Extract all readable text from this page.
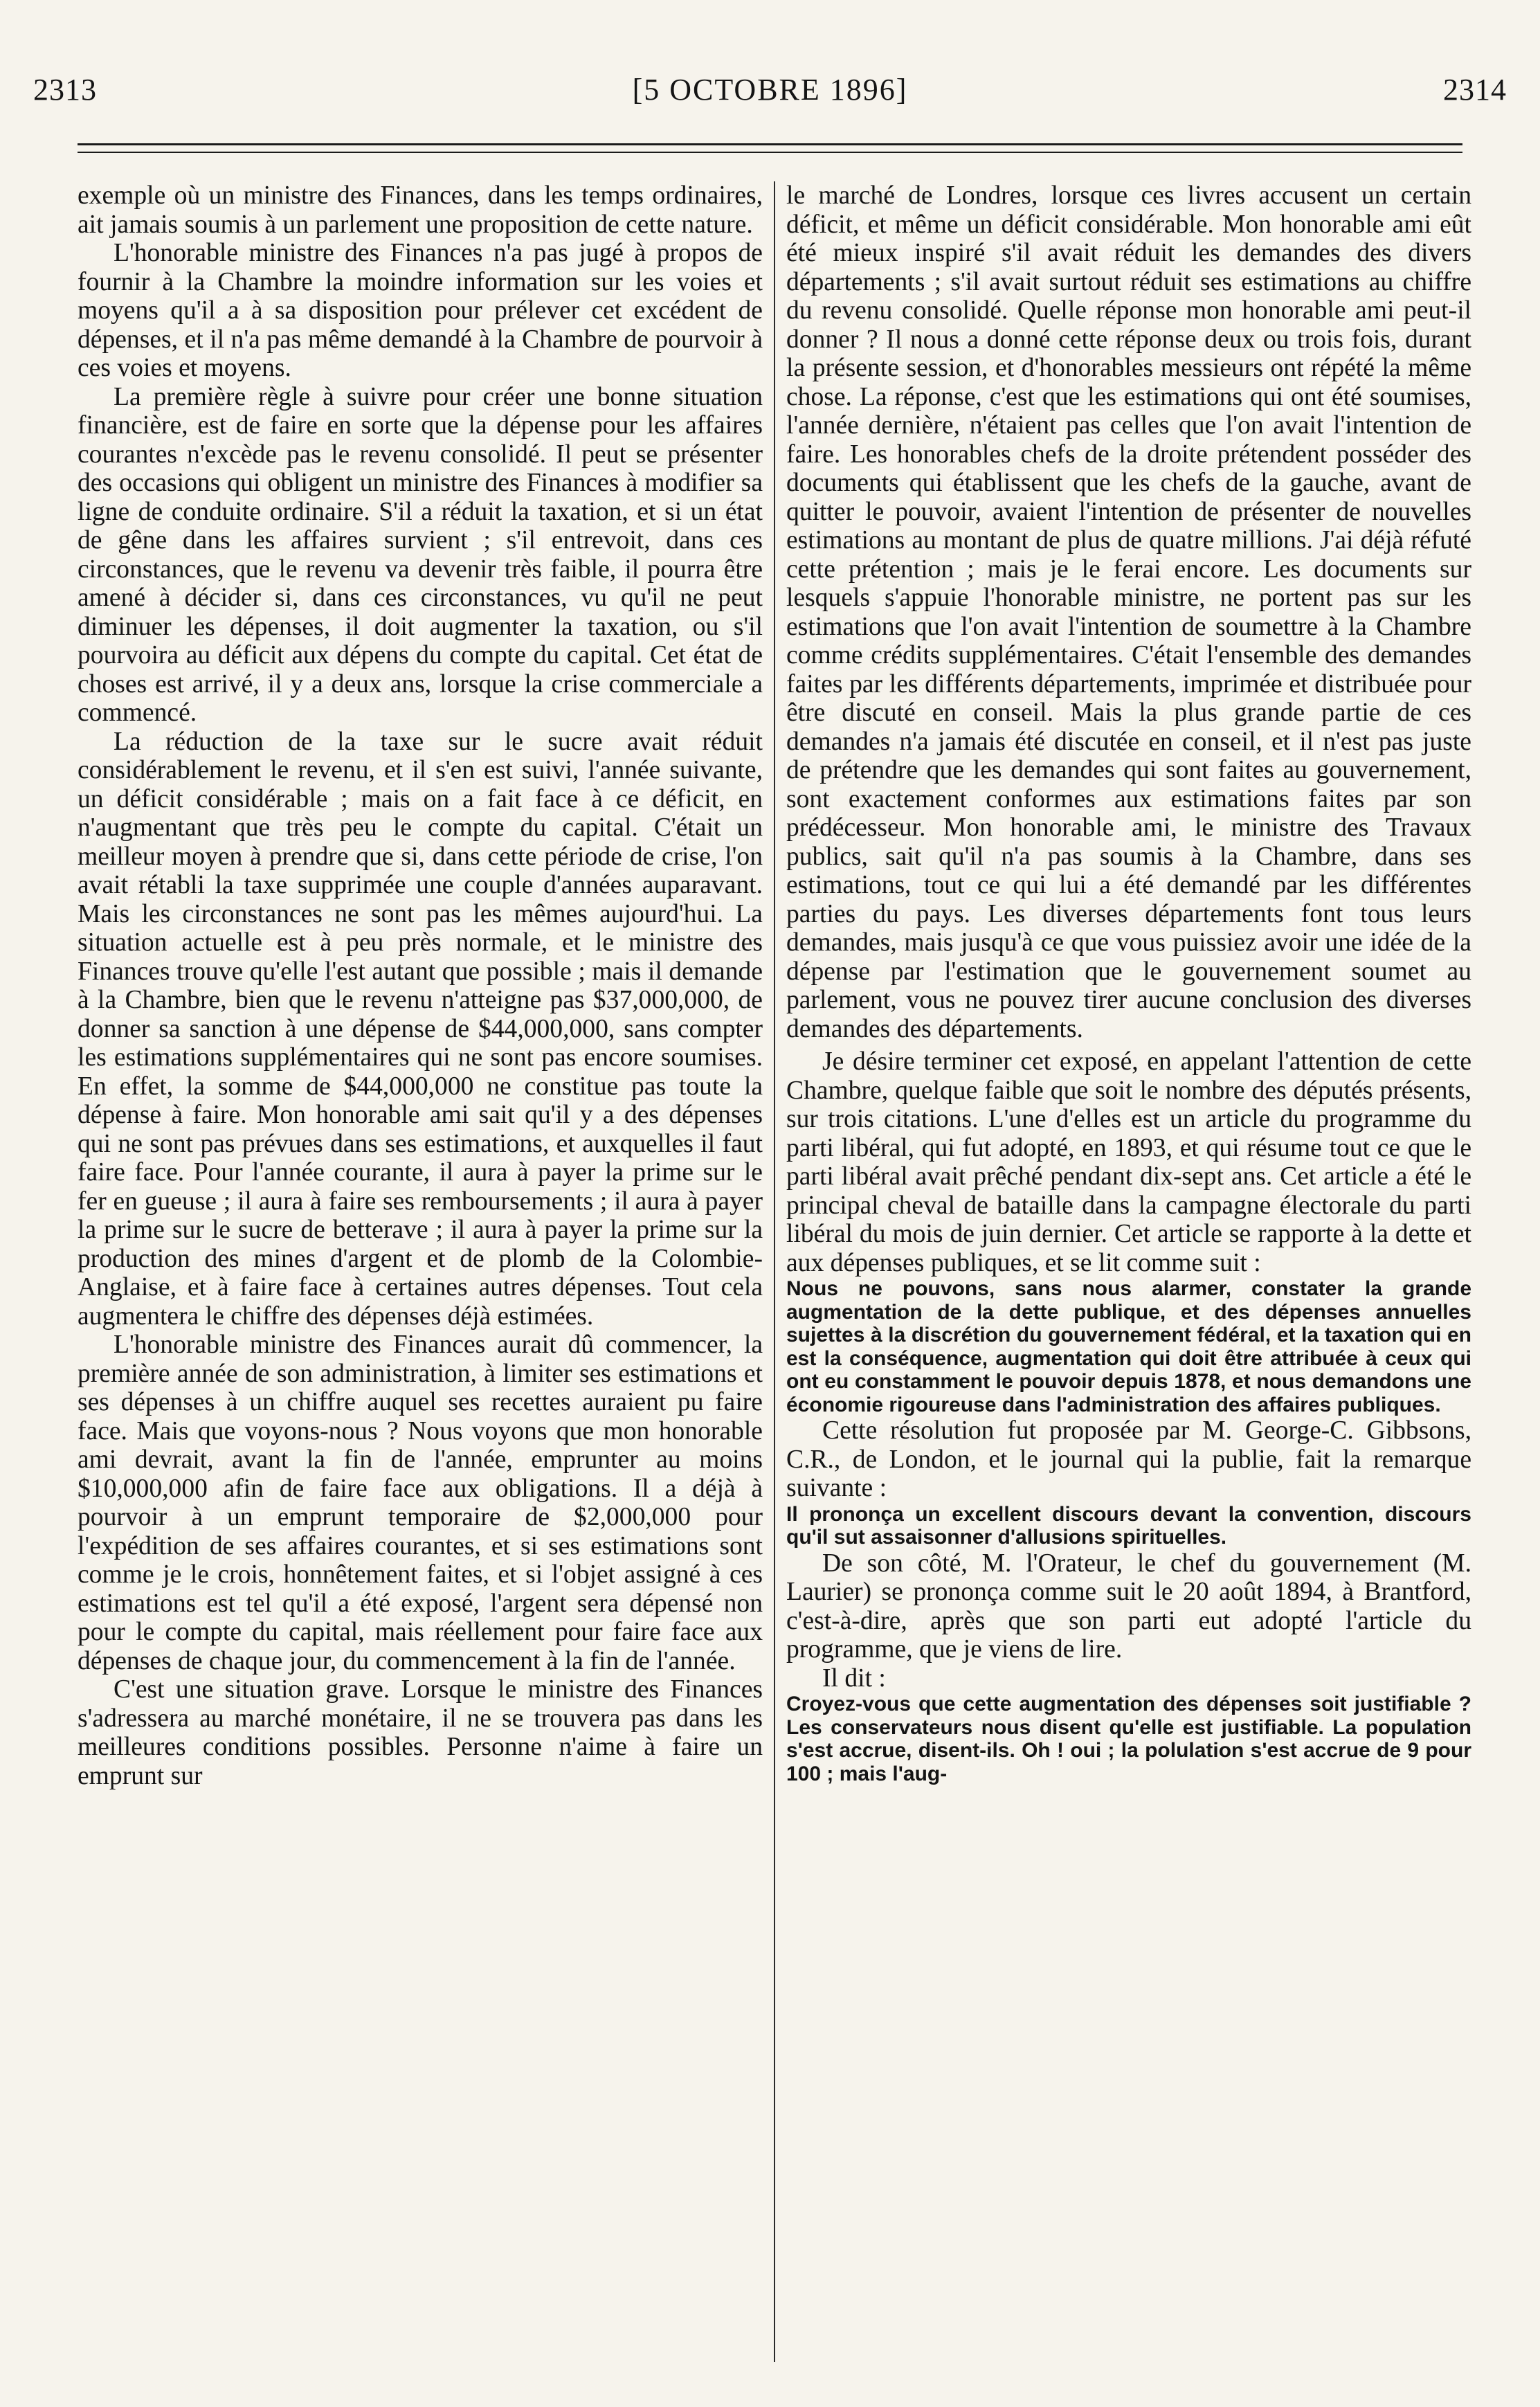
2313	[5 OCTOBRE 1896]	2314

exemple où un ministre des Finances, dans les temps ordinaires, ait jamais soumis à un parlement une proposition de cette nature.

L'honorable ministre des Finances n'a pas jugé à propos de fournir à la Chambre la moindre information sur les voies et moyens qu'il a à sa disposition pour prélever cet excédent de dépenses, et il n'a pas même demandé à la Chambre de pourvoir à ces voies et moyens.

La première règle à suivre pour créer une bonne situation financière, est de faire en sorte que la dépense pour les affaires courantes n'excède pas le revenu consolidé. Il peut se présenter des occasions qui obligent un ministre des Finances à modifier sa ligne de conduite ordinaire. S'il a réduit la taxation, et si un état de gêne dans les affaires survient ; s'il entrevoit, dans ces circonstances, que le revenu va devenir très faible, il pourra être amené à décider si, dans ces circonstances, vu qu'il ne peut diminuer les dépenses, il doit augmenter la taxation, ou s'il pourvoira au déficit aux dépens du compte du capital. Cet état de choses est arrivé, il y a deux ans, lorsque la crise commerciale a commencé.

La réduction de la taxe sur le sucre avait réduit considérablement le revenu, et il s'en est suivi, l'année suivante, un déficit considérable ; mais on a fait face à ce déficit, en n'augmentant que très peu le compte du capital. C'était un meilleur moyen à prendre que si, dans cette période de crise, l'on avait rétabli la taxe supprimée une couple d'années auparavant. Mais les circonstances ne sont pas les mêmes aujourd'hui. La situation actuelle est à peu près normale, et le ministre des Finances trouve qu'elle l'est autant que possible ; mais il demande à la Chambre, bien que le revenu n'atteigne pas $37,000,000, de donner sa sanction à une dépense de $44,000,000, sans compter les estimations supplémentaires qui ne sont pas encore soumises. En effet, la somme de $44,000,000 ne constitue pas toute la dépense à faire. Mon honorable ami sait qu'il y a des dépenses qui ne sont pas prévues dans ses estimations, et auxquelles il faut faire face. Pour l'année courante, il aura à payer la prime sur le fer en gueuse ; il aura à faire ses remboursements ; il aura à payer la prime sur le sucre de betterave ; il aura à payer la prime sur la production des mines d'argent et de plomb de la Colombie-Anglaise, et à faire face à certaines autres dépenses. Tout cela augmentera le chiffre des dépenses déjà estimées.

L'honorable ministre des Finances aurait dû commencer, la première année de son administration, à limiter ses estimations et ses dépenses à un chiffre auquel ses recettes auraient pu faire face. Mais que voyons-nous ? Nous voyons que mon honorable ami devrait, avant la fin de l'année, emprunter au moins $10,000,000 afin de faire face aux obligations. Il a déjà à pourvoir à un emprunt temporaire de $2,000,000 pour l'expédition de ses affaires courantes, et si ses estimations sont comme je le crois, honnêtement faites, et si l'objet assigné à ces estimations est tel qu'il a été exposé, l'argent sera dépensé non pour le compte du capital, mais réellement pour faire face aux dépenses de chaque jour, du commencement à la fin de l'année.

C'est une situation grave. Lorsque le ministre des Finances s'adressera au marché monétaire, il ne se trouvera pas dans les meilleures conditions possibles. Personne n'aime à faire un emprunt sur

le marché de Londres, lorsque ces livres accusent un certain déficit, et même un déficit considérable. Mon honorable ami eût été mieux inspiré s'il avait réduit les demandes des divers départements ; s'il avait surtout réduit ses estimations au chiffre du revenu consolidé. Quelle réponse mon honorable ami peut-il donner ? Il nous a donné cette réponse deux ou trois fois, durant la présente session, et d'honorables messieurs ont répété la même chose. La réponse, c'est que les estimations qui ont été soumises, l'année dernière, n'étaient pas celles que l'on avait l'intention de faire. Les honorables chefs de la droite prétendent posséder des documents qui établissent que les chefs de la gauche, avant de quitter le pouvoir, avaient l'intention de présenter de nouvelles estimations au montant de plus de quatre millions. J'ai déjà réfuté cette prétention ; mais je le ferai encore. Les documents sur lesquels s'appuie l'honorable ministre, ne portent pas sur les estimations que l'on avait l'intention de soumettre à la Chambre comme crédits supplémentaires. C'était l'ensemble des demandes faites par les différents départements, imprimée et distribuée pour être discuté en conseil. Mais la plus grande partie de ces demandes n'a jamais été discutée en conseil, et il n'est pas juste de prétendre que les demandes qui sont faites au gouvernement, sont exactement conformes aux estimations faites par son prédécesseur. Mon honorable ami, le ministre des Travaux publics, sait qu'il n'a pas soumis à la Chambre, dans ses estimations, tout ce qui lui a été demandé par les différentes parties du pays. Les diverses départements font tous leurs demandes, mais jusqu'à ce que vous puissiez avoir une idée de la dépense par l'estimation que le gouvernement soumet au parlement, vous ne pouvez tirer aucune conclusion des diverses demandes des départements.

Je désire terminer cet exposé, en appelant l'attention de cette Chambre, quelque faible que soit le nombre des députés présents, sur trois citations. L'une d'elles est un article du programme du parti libéral, qui fut adopté, en 1893, et qui résume tout ce que le parti libéral avait prêché pendant dix-sept ans. Cet article a été le principal cheval de bataille dans la campagne électorale du parti libéral du mois de juin dernier. Cet article se rapporte à la dette et aux dépenses publiques, et se lit comme suit :

Nous ne pouvons, sans nous alarmer, constater la grande augmentation de la dette publique, et des dépenses annuelles sujettes à la discrétion du gouvernement fédéral, et la taxation qui en est la conséquence, augmentation qui doit être attribuée à ceux qui ont eu constamment le pouvoir depuis 1878, et nous demandons une économie rigoureuse dans l'administration des affaires publiques.

Cette résolution fut proposée par M. George-C. Gibbsons, C.R., de London, et le journal qui la publie, fait la remarque suivante :

Il prononça un excellent discours devant la convention, discours qu'il sut assaisonner d'allusions spirituelles.

De son côté, M. l'Orateur, le chef du gouvernement (M. Laurier) se prononça comme suit le 20 août 1894, à Brantford, c'est-à-dire, après que son parti eut adopté l'article du programme, que je viens de lire.

Il dit :

Croyez-vous que cette augmentation des dépenses soit justifiable ? Les conservateurs nous disent qu'elle est justifiable. La population s'est accrue, disent-ils. Oh ! oui ; la polulation s'est accrue de 9 pour 100 ; mais l'aug-
